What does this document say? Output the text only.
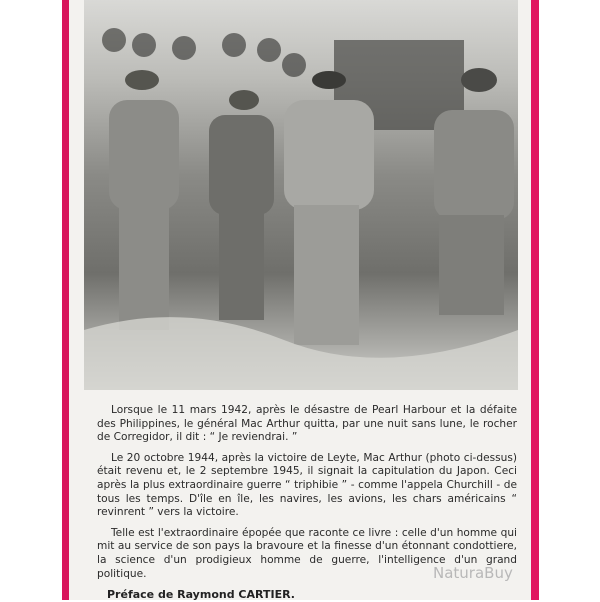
Lorsque le 11 mars 1942, après le désastre de Pearl Harbour et la défaite des Philippines, le général Mac Arthur quitta, par une nuit sans lune, le rocher de Corregidor, il dit : “ Je reviendrai. ”

Le 20 octobre 1944, après la victoire de Leyte, Mac Arthur (photo ci-dessus) était revenu et, le 2 septembre 1945, il signait la capitulation du Japon. Ceci après la plus extraordinaire guerre “ triphibie ” - comme l'appela Churchill - de tous les temps. D'île en île, les navires, les avions, les chars américains “ revinrent ” vers la victoire.

Telle est l'extraordinaire épopée que raconte ce livre : celle d'un homme qui mit au service de son pays la bravoure et la finesse d'un étonnant condottiere, la science d'un prodigieux homme de guerre, l'intelligence d'un grand politique.

Préface de Raymond CARTIER.
NaturaBuy
